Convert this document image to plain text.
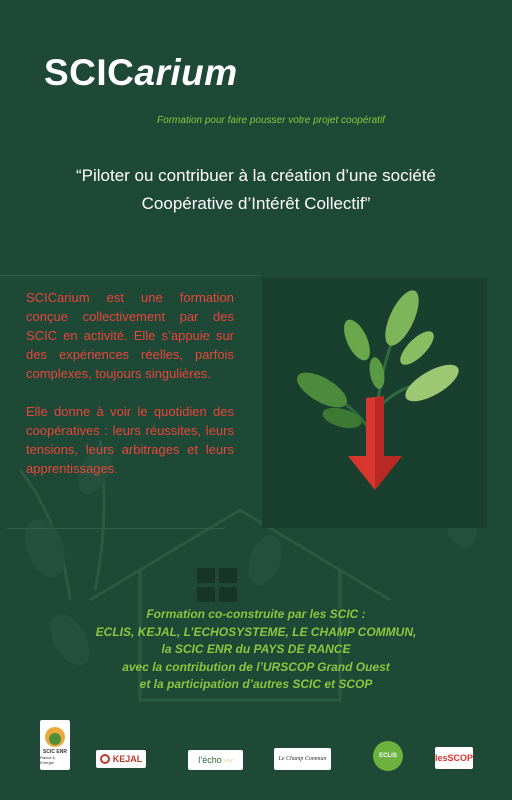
SCICarium
Formation pour faire pousser votre projet coopératif
“Piloter ou contribuer à la création d’une société
Coopérative d’Intérêt Collectif”

SCICarium est une formation conçue collectivement par des SCIC en activité. Elle s’appuie sur des expériences réelles, parfois complexes, toujours singulières.

Elle donne à voir le quotidien des coopératives : leurs réussites, leurs tensions, leurs arbitrages et leurs apprentissages.

Formation co-construite par les SCIC :
ECLIS, KEJAL, L’ECHOSYSTEME, LE CHAMP COMMUN,
la SCIC ENR du PAYS DE RANCE
avec la contribution de l’URSCOP Grand Ouest
et la participation d’autres SCIC et SCOP
SCIC ENR
Rance & Energie	KEJAL	l’écho 〰	Le Champ Commun	ECLIS	lesSCOP
